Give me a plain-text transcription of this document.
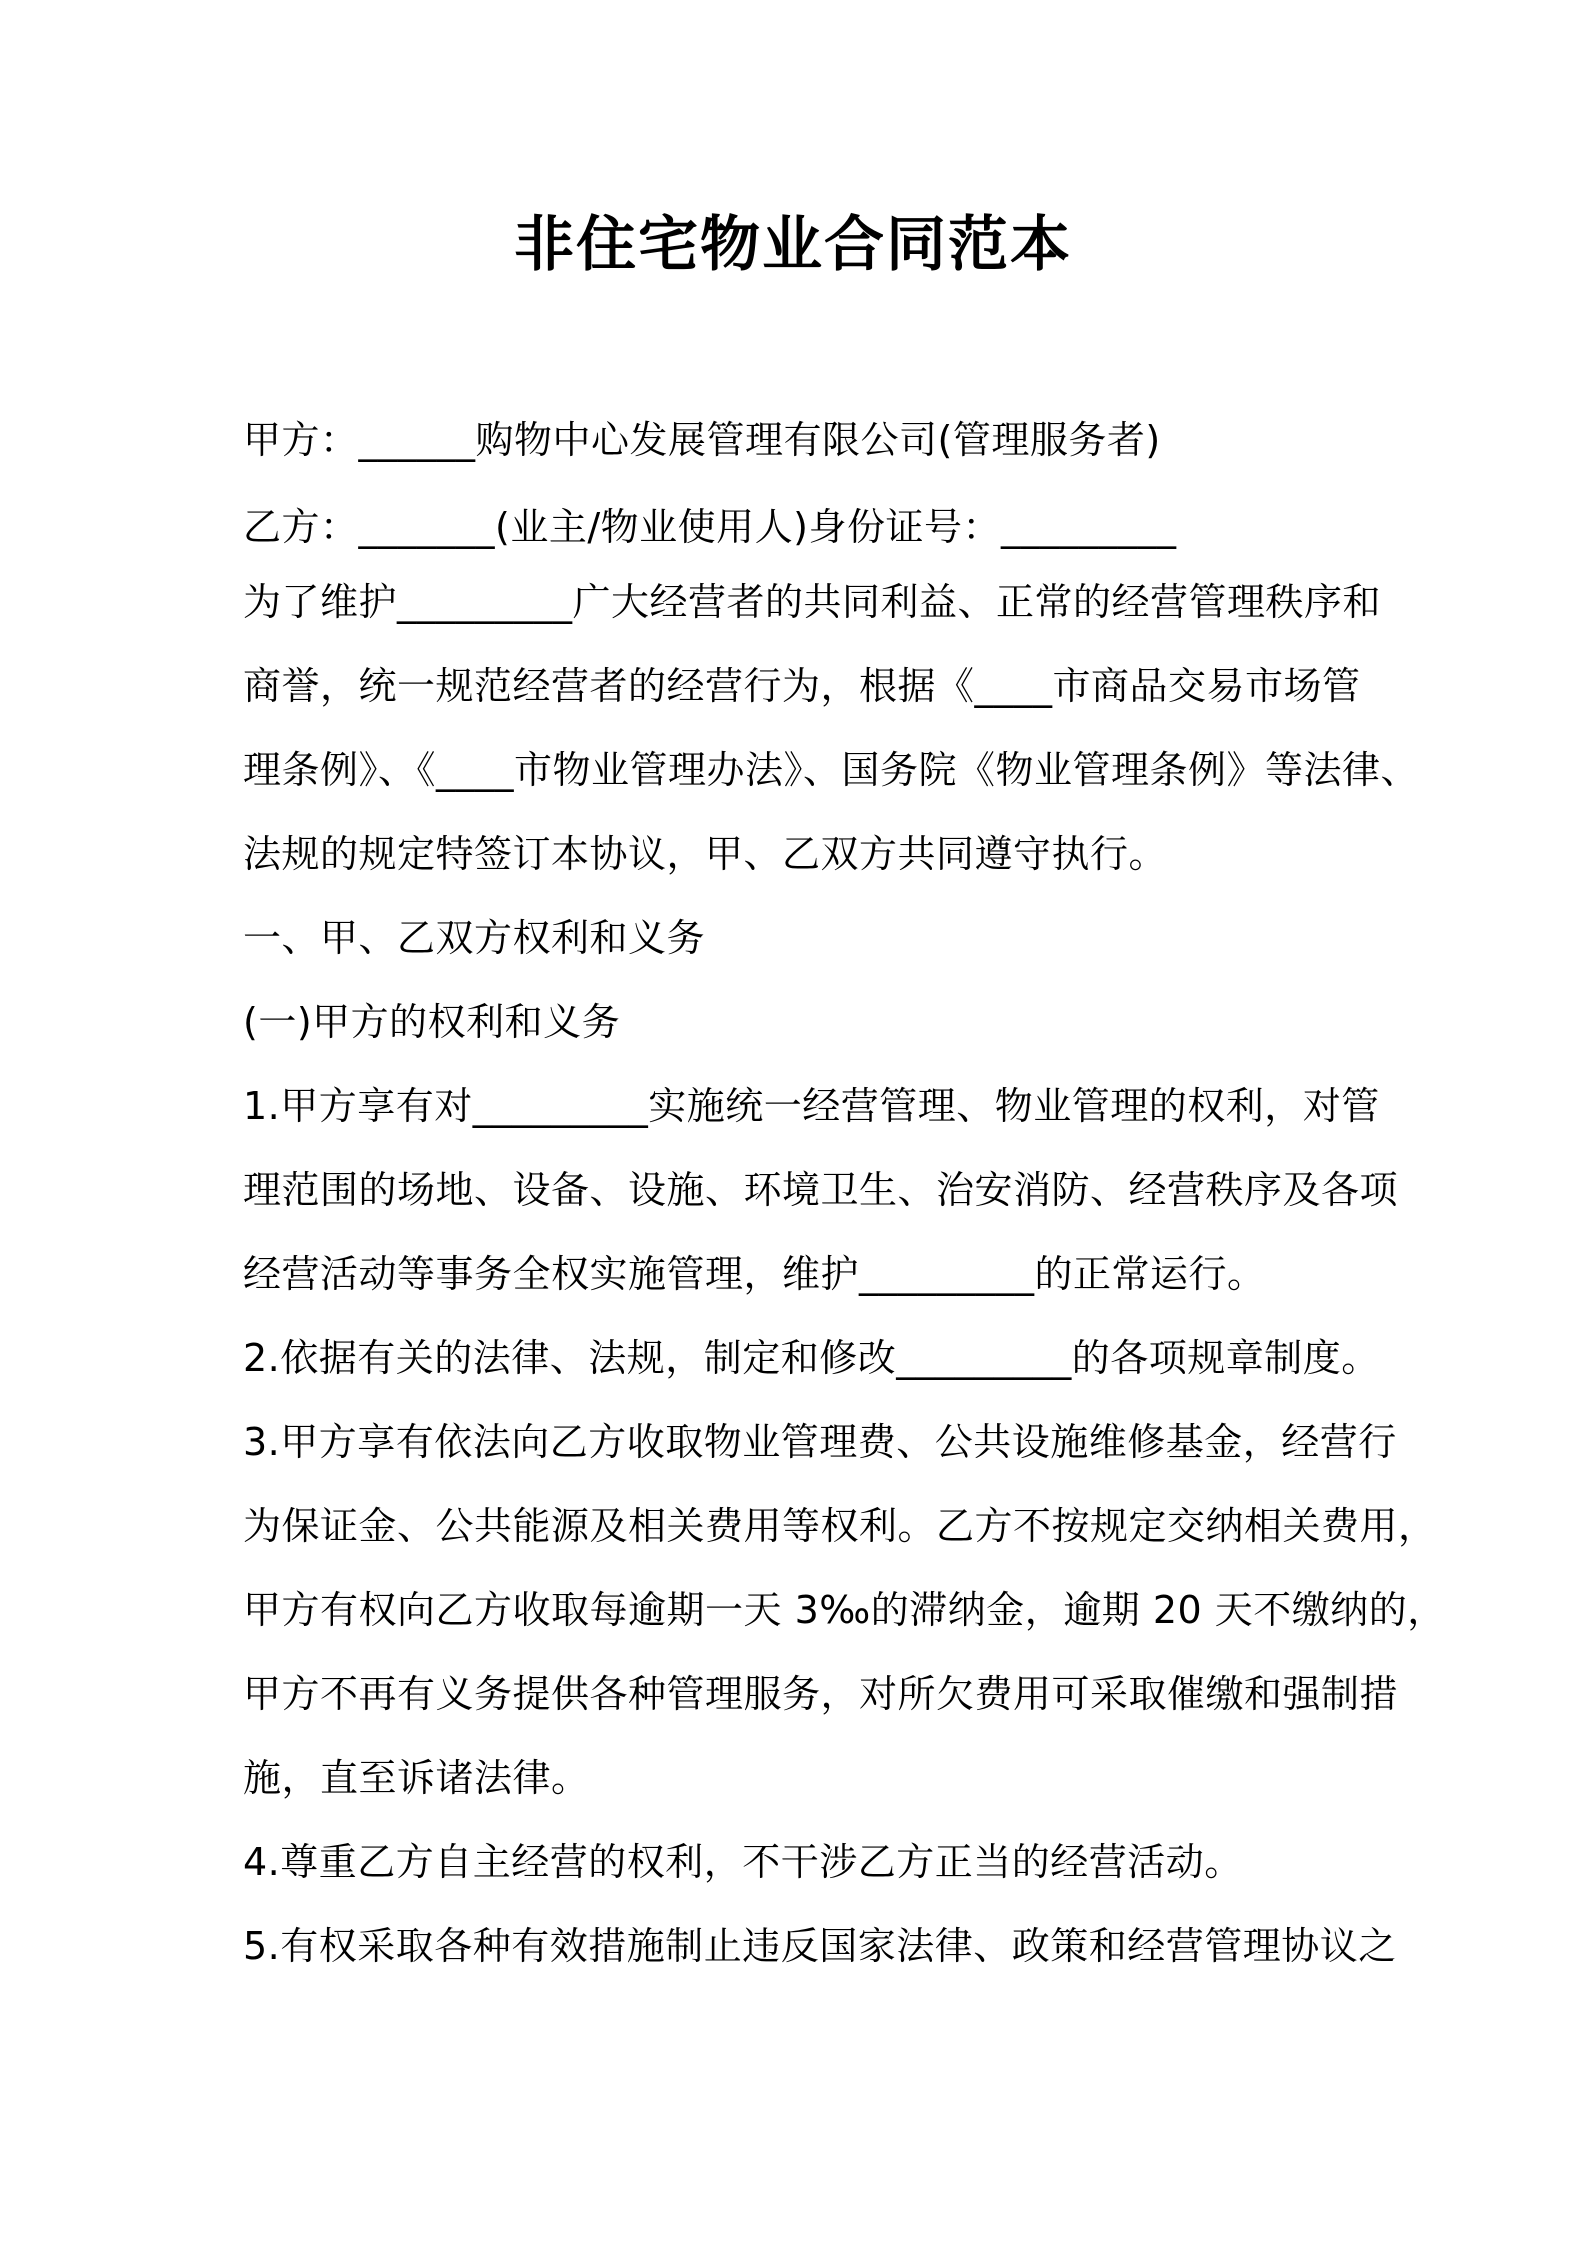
非住宅物业合同范本
甲方：______购物中心发展管理有限公司(管理服务者)
乙方：_______(业主/物业使用人)身份证号：_________
为了维护_________广大经营者的共同利益、正常的经营管理秩序和
商誉，统一规范经营者的经营行为，根据《____市商品交易市场管
理条例》、《____市物业管理办法》、国务院《物业管理条例》等法律、
法规的规定特签订本协议，甲、乙双方共同遵守执行。
一、甲、乙双方权利和义务
(一)甲方的权利和义务
1.甲方享有对_________实施统一经营管理、物业管理的权利，对管
理范围的场地、设备、设施、环境卫生、治安消防、经营秩序及各项
经营活动等事务全权实施管理，维护_________的正常运行。
2.依据有关的法律、法规，制定和修改_________的各项规章制度。
3.甲方享有依法向乙方收取物业管理费、公共设施维修基金，经营行
为保证金、公共能源及相关费用等权利。乙方不按规定交纳相关费用，
甲方有权向乙方收取每逾期一天 3‰的滞纳金，逾期 20 天不缴纳的，
甲方不再有义务提供各种管理服务，对所欠费用可采取催缴和强制措
施，直至诉诸法律。
4.尊重乙方自主经营的权利，不干涉乙方正当的经营活动。
5.有权采取各种有效措施制止违反国家法律、政策和经营管理协议之
